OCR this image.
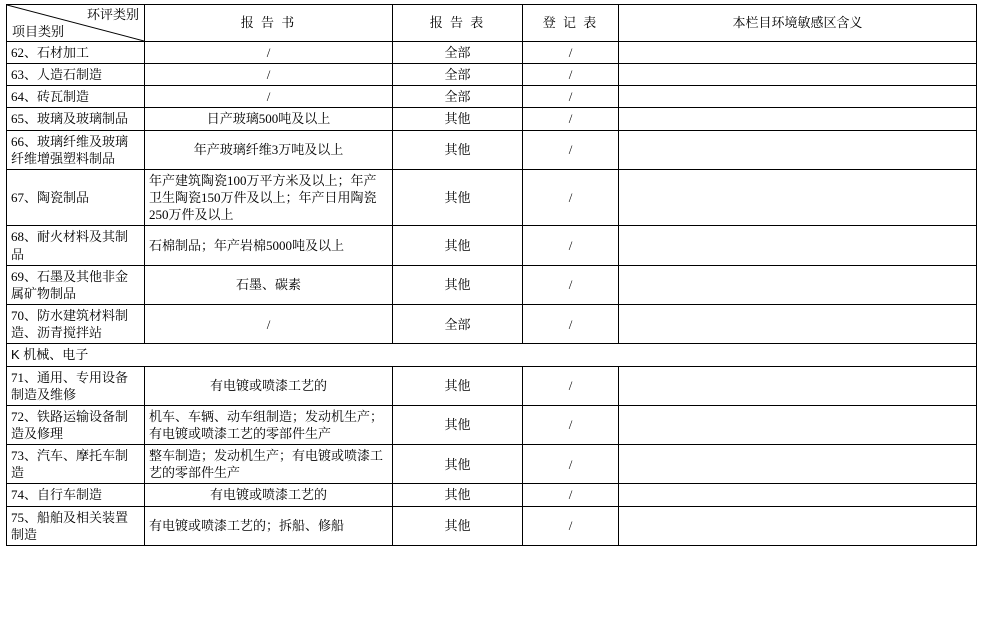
环评类别
项目类别	报 告 书	报 告 表	登 记 表	本栏目环境敏感区含义
62、石材加工	/	全部	/	
63、人造石制造	/	全部	/	
64、砖瓦制造	/	全部	/	
65、玻璃及玻璃制品	日产玻璃500吨及以上	其他	/	
66、玻璃纤维及玻璃纤维增强塑料制品	年产玻璃纤维3万吨及以上	其他	/	
67、陶瓷制品	年产建筑陶瓷100万平方米及以上；年产卫生陶瓷150万件及以上；年产日用陶瓷250万件及以上	其他	/	
68、耐火材料及其制品	石棉制品；年产岩棉5000吨及以上	其他	/	
69、石墨及其他非金属矿物制品	石墨、碳素	其他	/	
70、防水建筑材料制造、沥青搅拌站	/	全部	/	
K 机械、电子				
71、通用、专用设备制造及维修	有电镀或喷漆工艺的	其他	/	
72、铁路运输设备制造及修理	机车、车辆、动车组制造；发动机生产；有电镀或喷漆工艺的零部件生产	其他	/	
73、汽车、摩托车制造	整车制造；发动机生产；有电镀或喷漆工艺的零部件生产	其他	/	
74、自行车制造	有电镀或喷漆工艺的	其他	/	
75、船舶及相关装置制造	有电镀或喷漆工艺的；拆船、修船	其他	/	
